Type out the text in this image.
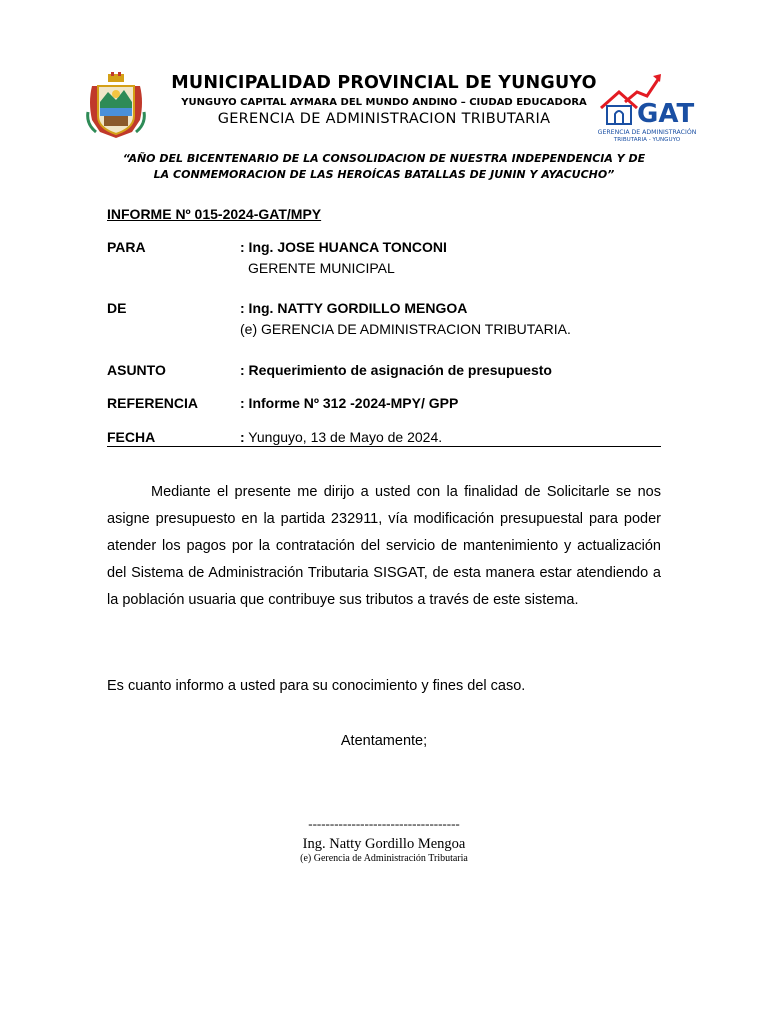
MUNICIPALIDAD PROVINCIAL DE YUNGUYO
YUNGUYO CAPITAL AYMARA DEL MUNDO ANDINO – CIUDAD EDUCADORA
GERENCIA DE ADMINISTRACION TRIBUTARIA	GAT
GERENCIA DE ADMINISTRACIÓN
TRIBUTARIA - YUNGUYO
“AÑO DEL BICENTENARIO DE LA CONSOLIDACION DE NUESTRA INDEPENDENCIA Y DE
LA CONMEMORACION DE LAS HEROÍCAS BATALLAS DE JUNIN Y AYACUCHO”
INFORME Nº 015-2024-GAT/MPY
PARA	: Ing. JOSE HUANCA TONCONI
GERENTE MUNICIPAL
DE	: Ing. NATTY GORDILLO MENGOA
(e) GERENCIA DE ADMINISTRACION TRIBUTARIA.
ASUNTO	: Requerimiento de asignación de presupuesto
REFERENCIA	: Informe Nº 312 -2024-MPY/ GPP
FECHA	: Yunguyo, 13 de Mayo de 2024.
Mediante el presente me dirijo a usted con la finalidad de Solicitarle se nos asigne presupuesto en la partida 232911, vía modificación presupuestal para poder atender los pagos por la contratación del servicio de mantenimiento y actualización del Sistema de Administración Tributaria SISGAT, de esta manera estar atendiendo a la población usuaria que contribuye sus tributos a través de este sistema.
Es cuanto informo a usted para su conocimiento y fines del caso.
Atentamente;
-----------------------------------
Ing. Natty Gordillo Mengoa
(e) Gerencia de Administración Tributaria
